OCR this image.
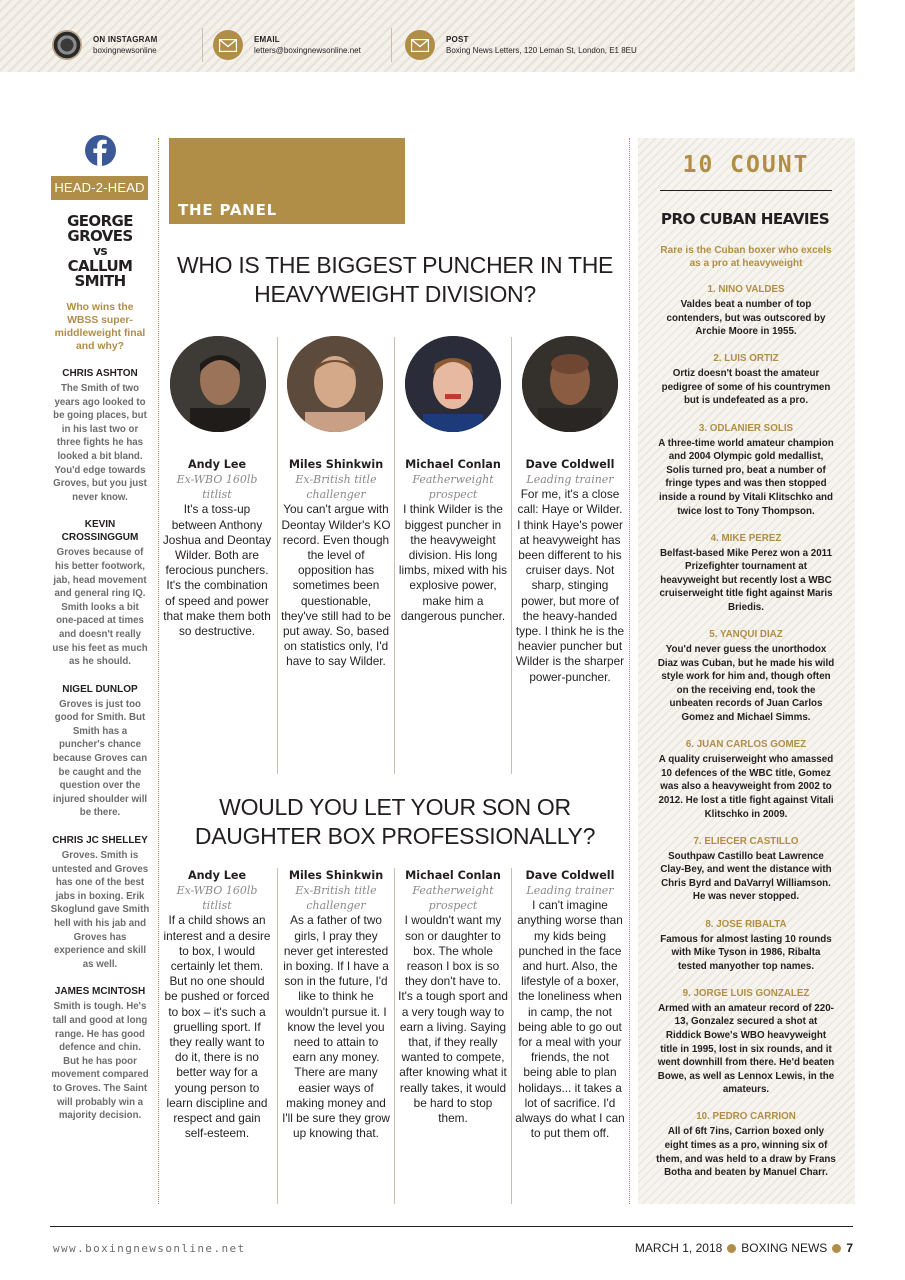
ON INSTAGRAM
boxingnewsonline
EMAIL
letters@boxingnewsonline.net
POST
Boxing News Letters, 120 Leman St, London, E1 8EU
HEAD-2-HEAD
GEORGE GROVES
vs
CALLUM SMITH
Who wins the WBSS super-middleweight final and why?
CHRIS ASHTON
The Smith of two years ago looked to be going places, but in his last two or three fights he has looked a bit bland. You'd edge towards Groves, but you just never know.
KEVIN CROSSINGGUM
Groves because of his better footwork, jab, head movement and general ring IQ. Smith looks a bit one-paced at times and doesn't really use his feet as much as he should.
NIGEL DUNLOP
Groves is just too good for Smith. But Smith has a puncher's chance because Groves can be caught and the question over the injured shoulder will be there.
CHRIS JC SHELLEY
Groves. Smith is untested and Groves has one of the best jabs in boxing. Erik Skoglund gave Smith hell with his jab and Groves has experience and skill as well.
JAMES MCINTOSH
Smith is tough. He's tall and good at long range. He has good defence and chin. But he has poor movement compared to Groves. The Saint will probably win a majority decision.
THE PANEL
WHO IS THE BIGGEST PUNCHER IN THE HEAVYWEIGHT DIVISION?
Andy Lee
Ex-WBO 160lb titlist
It's a toss-up between Anthony Joshua and Deontay Wilder. Both are ferocious punchers. It's the combination of speed and power that make them both so destructive.
Miles Shinkwin
Ex-British title challenger
You can't argue with Deontay Wilder's KO record. Even though the level of opposition has sometimes been questionable, they've still had to be put away. So, based on statistics only, I'd have to say Wilder.
Michael Conlan
Featherweight prospect
I think Wilder is the biggest puncher in the heavyweight division. His long limbs, mixed with his explosive power, make him a dangerous puncher.
Dave Coldwell
Leading trainer
For me, it's a close call: Haye or Wilder. I think Haye's power at heavyweight has been different to his cruiser days. Not sharp, stinging power, but more of the heavy-handed type. I think he is the heavier puncher but Wilder is the sharper power-puncher.
WOULD YOU LET YOUR SON OR DAUGHTER BOX PROFESSIONALLY?
Andy Lee
Ex-WBO 160lb titlist
If a child shows an interest and a desire to box, I would certainly let them. But no one should be pushed or forced to box – it's such a gruelling sport. If they really want to do it, there is no better way for a young person to learn discipline and respect and gain self-esteem.
Miles Shinkwin
Ex-British title challenger
As a father of two girls, I pray they never get interested in boxing. If I have a son in the future, I'd like to think he wouldn't pursue it. I know the level you need to attain to earn any money. There are many easier ways of making money and I'll be sure they grow up knowing that.
Michael Conlan
Featherweight prospect
I wouldn't want my son or daughter to box. The whole reason I box is so they don't have to. It's a tough sport and a very tough way to earn a living. Saying that, if they really wanted to compete, after knowing what it really takes, it would be hard to stop them.
Dave Coldwell
Leading trainer
I can't imagine anything worse than my kids being punched in the face and hurt. Also, the lifestyle of a boxer, the loneliness when in camp, the not being able to go out for a meal with your friends, the not being able to plan holidays... it takes a lot of sacrifice. I'd always do what I can to put them off.
10 COUNT
PRO CUBAN HEAVIES
Rare is the Cuban boxer who excels as a pro at heavyweight
1. NINO VALDES
Valdes beat a number of top contenders, but was outscored by Archie Moore in 1955.
2. LUIS ORTIZ
Ortiz doesn't boast the amateur pedigree of some of his countrymen but is undefeated as a pro.
3. ODLANIER SOLIS
A three-time world amateur champion and 2004 Olympic gold medallist, Solis turned pro, beat a number of fringe types and was then stopped inside a round by Vitali Klitschko and twice lost to Tony Thompson.
4. MIKE PEREZ
Belfast-based Mike Perez won a 2011 Prizefighter tournament at heavyweight but recently lost a WBC cruiserweight title fight against Maris Briedis.
5. YANQUI DIAZ
You'd never guess the unorthodox Diaz was Cuban, but he made his wild style work for him and, though often on the receiving end, took the unbeaten records of Juan Carlos Gomez and Michael Simms.
6. JUAN CARLOS GOMEZ
A quality cruiserweight who amassed 10 defences of the WBC title, Gomez was also a heavyweight from 2002 to 2012. He lost a title fight against Vitali Klitschko in 2009.
7. ELIECER CASTILLO
Southpaw Castillo beat Lawrence Clay-Bey, and went the distance with Chris Byrd and DaVarryl Williamson. He was never stopped.
8. JOSE RIBALTA
Famous for almost lasting 10 rounds with Mike Tyson in 1986, Ribalta tested manyother top names.
9. JORGE LUIS GONZALEZ
Armed with an amateur record of 220-13, Gonzalez secured a shot at Riddick Bowe's WBO heavyweight title in 1995, lost in six rounds, and it went downhill from there. He'd beaten Bowe, as well as Lennox Lewis, in the amateurs.
10. PEDRO CARRION
All of 6ft 7ins, Carrion boxed only eight times as a pro, winning six of them, and was held to a draw by Frans Botha and beaten by Manuel Charr.
www.boxingnewsonline.net	MARCH 1, 2018 BOXING NEWS 7
